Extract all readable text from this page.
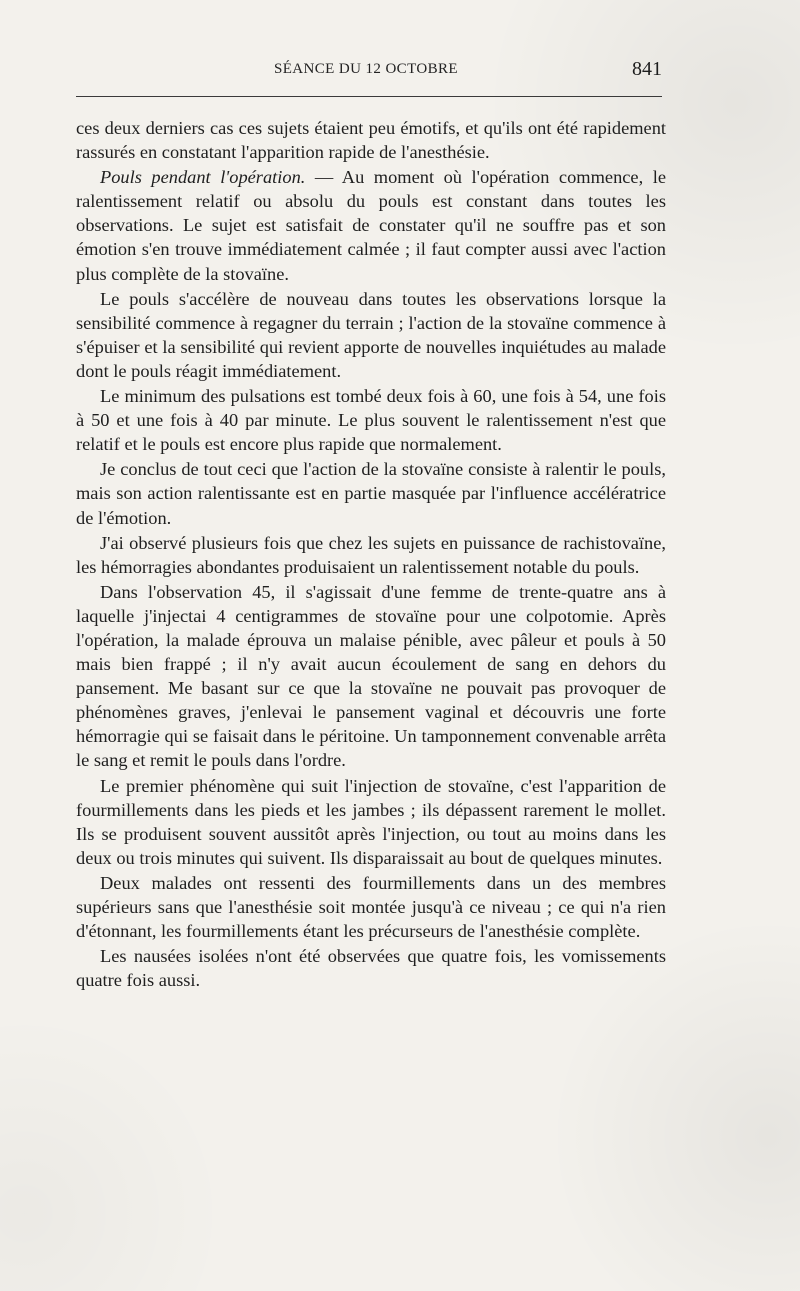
SÉANCE DU 12 OCTOBRE	841

ces deux derniers cas ces sujets étaient peu émotifs, et qu'ils ont été rapidement rassurés en constatant l'apparition rapide de l'anesthésie.

Pouls pendant l'opération. — Au moment où l'opération commence, le ralentissement relatif ou absolu du pouls est constant dans toutes les observations. Le sujet est satisfait de constater qu'il ne souffre pas et son émotion s'en trouve immédiatement calmée ; il faut compter aussi avec l'action plus complète de la stovaïne.

Le pouls s'accélère de nouveau dans toutes les observations lorsque la sensibilité commence à regagner du terrain ; l'action de la stovaïne commence à s'épuiser et la sensibilité qui revient apporte de nouvelles inquiétudes au malade dont le pouls réagit immédiatement.

Le minimum des pulsations est tombé deux fois à 60, une fois à 54, une fois à 50 et une fois à 40 par minute. Le plus souvent le ralentissement n'est que relatif et le pouls est encore plus rapide que normalement.

Je conclus de tout ceci que l'action de la stovaïne consiste à ralentir le pouls, mais son action ralentissante est en partie masquée par l'influence accélératrice de l'émotion.

J'ai observé plusieurs fois que chez les sujets en puissance de rachistovaïne, les hémorragies abondantes produisaient un ralentissement notable du pouls.

Dans l'observation 45, il s'agissait d'une femme de trente-quatre ans à laquelle j'injectai 4 centigrammes de stovaïne pour une colpotomie. Après l'opération, la malade éprouva un malaise pénible, avec pâleur et pouls à 50 mais bien frappé ; il n'y avait aucun écoulement de sang en dehors du pansement. Me basant sur ce que la stovaïne ne pouvait pas provoquer de phénomènes graves, j'enlevai le pansement vaginal et découvris une forte hémorragie qui se faisait dans le péritoine. Un tamponnement convenable arrêta le sang et remit le pouls dans l'ordre.

Le premier phénomène qui suit l'injection de stovaïne, c'est l'apparition de fourmillements dans les pieds et les jambes ; ils dépassent rarement le mollet. Ils se produisent souvent aussitôt après l'injection, ou tout au moins dans les deux ou trois minutes qui suivent. Ils disparaissait au bout de quelques minutes.

Deux malades ont ressenti des fourmillements dans un des membres supérieurs sans que l'anesthésie soit montée jusqu'à ce niveau ; ce qui n'a rien d'étonnant, les fourmillements étant les précurseurs de l'anesthésie complète.

Les nausées isolées n'ont été observées que quatre fois, les vomissements quatre fois aussi.
